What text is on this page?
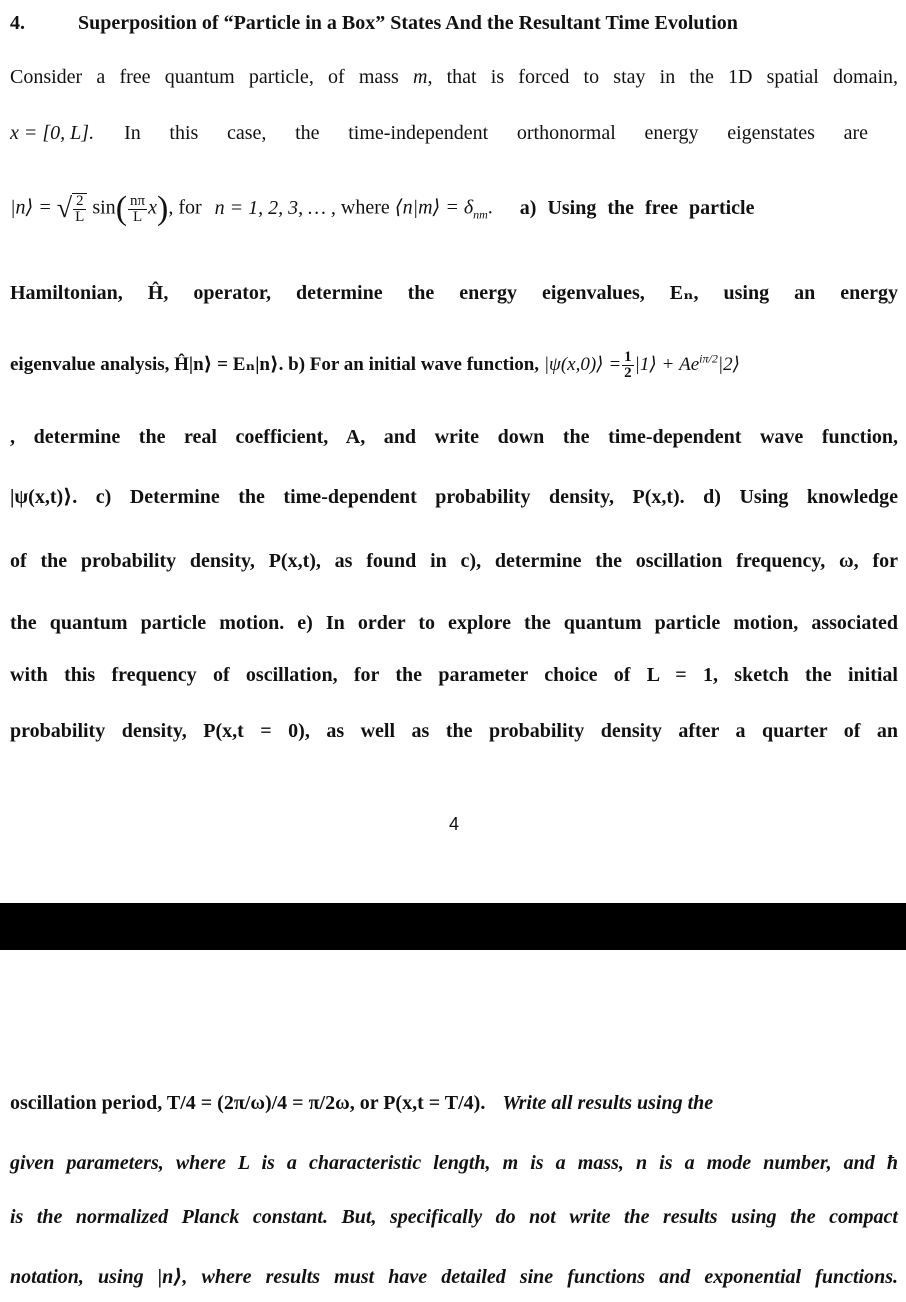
4.	Superposition of “Particle in a Box” States And the Resultant Time Evolution
Consider a free quantum particle, of mass m, that is forced to stay in the 1D spatial domain,
x = [0, L]. In this case, the time-independent orthonormal energy eigenstates are
|n⟩ = √ $\frac{2}{L} \sin( \frac{n\pi}{L} x)$, for n = 1, 2, 3, … , where ⟨n|m⟩ = $\delta_{nm}$. a) Using the free particle
Hamiltonian, Ĥ, operator, determine the energy eigenvalues, Eₙ, using an energy
eigenvalue analysis, Ĥ|n⟩ = Eₙ|n⟩. b) For an initial wave function, |ψ(x,0)⟩ = $\frac{1}{2}$ |1⟩ + $Ae^{i\pi/2}|2⟩$
, determine the real coefficient, A, and write down the time-dependent wave function,
|ψ(x,t)⟩. c) Determine the time-dependent probability density, P(x,t). d) Using knowledge
of the probability density, P(x,t), as found in c), determine the oscillation frequency, ω, for
the quantum particle motion. e) In order to explore the quantum particle motion, associated
with this frequency of oscillation, for the parameter choice of L = 1, sketch the initial
probability density, P(x,t = 0), as well as the probability density after a quarter of an
4
oscillation period, T/4 = (2π/ω)/4 = π/2ω, or P(x,t = T/4). Write all results using the
given parameters, where L is a characteristic length, m is a mass, n is a mode number, and ħ
is the normalized Planck constant. But, specifically do not write the results using the compact
notation, using |n⟩, where results must have detailed sine functions and exponential functions.
